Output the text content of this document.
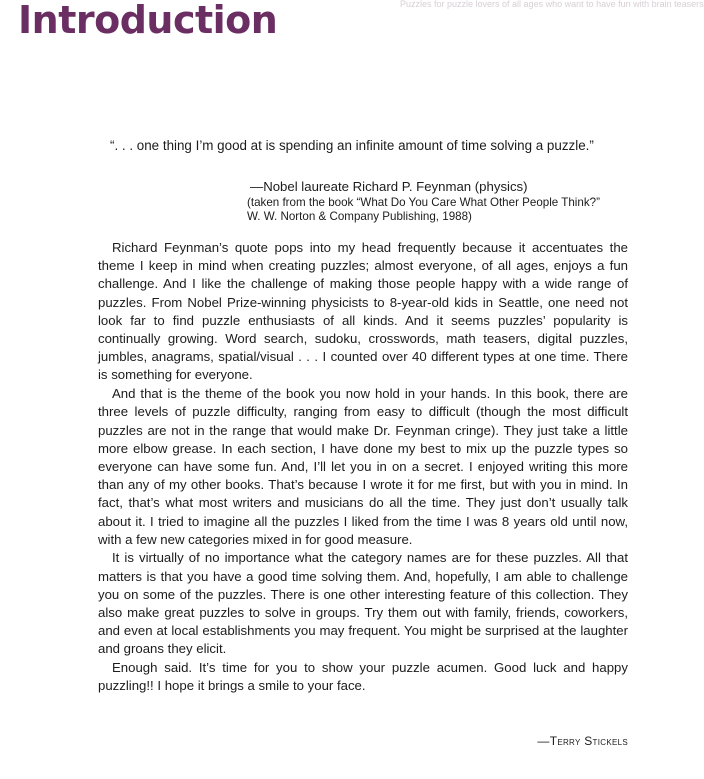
Puzzles for puzzle lovers of all ages who want to have fun with brain teasers
Introduction

“. . . one thing I’m good at is spending an infinite amount of time solving a puzzle.”

—Nobel laureate Richard P. Feynman (physics)

(taken from the book “What Do You Care What Other People Think?”
W. W. Norton & Company Publishing, 1988)

Richard Feynman’s quote pops into my head frequently because it accentuates the theme I keep in mind when creating puzzles; almost everyone, of all ages, enjoys a fun challenge. And I like the challenge of making those people happy with a wide range of puzzles. From Nobel Prize-winning physicists to 8-year-old kids in Seattle, one need not look far to find puzzle enthusiasts of all kinds. And it seems puzzles’ popularity is continually growing. Word search, sudoku, crosswords, math teasers, digital puzzles, jumbles, anagrams, spatial/visual . . . I counted over 40 different types at one time. There is something for everyone.

And that is the theme of the book you now hold in your hands. In this book, there are three levels of puzzle difficulty, ranging from easy to difficult (though the most difficult puzzles are not in the range that would make Dr. Feynman cringe). They just take a little more elbow grease. In each section, I have done my best to mix up the puzzle types so everyone can have some fun. And, I’ll let you in on a secret. I enjoyed writing this more than any of my other books. That’s because I wrote it for me first, but with you in mind. In fact, that’s what most writers and musicians do all the time. They just don’t usually talk about it. I tried to imagine all the puzzles I liked from the time I was 8 years old until now, with a few new categories mixed in for good measure.

It is virtually of no importance what the category names are for these puzzles. All that matters is that you have a good time solving them. And, hopefully, I am able to challenge you on some of the puzzles. There is one other interesting feature of this collection. They also make great puzzles to solve in groups. Try them out with family, friends, coworkers, and even at local establishments you may frequent. You might be surprised at the laughter and groans they elicit.

Enough said. It’s time for you to show your puzzle acumen. Good luck and happy puzzling!! I hope it brings a smile to your face.

—Terry Stickels
